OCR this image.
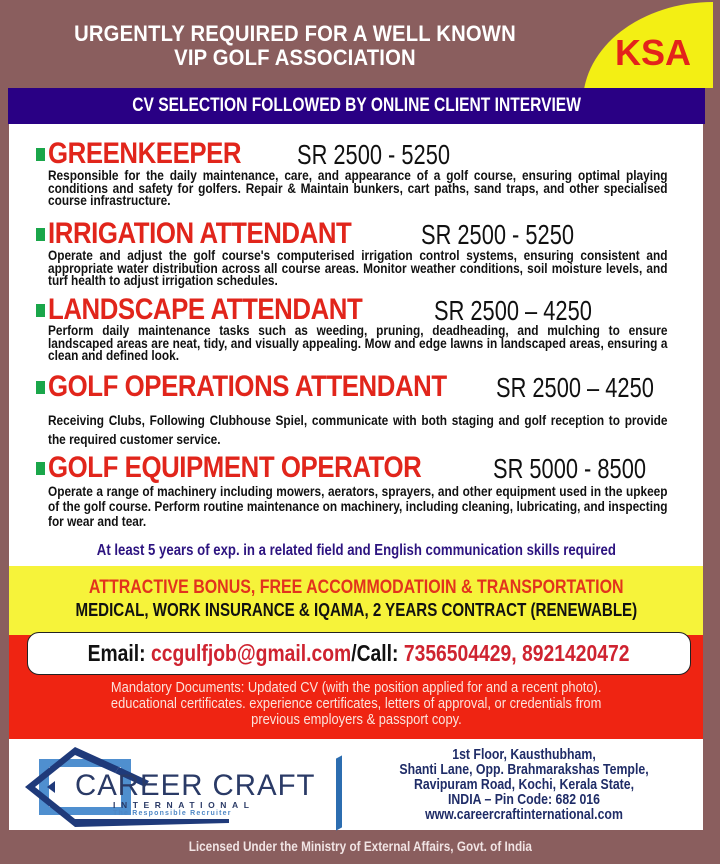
KSA
URGENTLY REQUIRED FOR A WELL KNOWN
VIP GOLF ASSOCIATION
CV SELECTION FOLLOWED BY ONLINE CLIENT INTERVIEW
GREENKEEPER SR 2500 - 5250
Responsible for the daily maintenance, care, and appearance of a golf course, ensuring optimal playing conditions and safety for golfers. Repair & Maintain bunkers, cart paths, sand traps, and other specialised course infrastructure.
IRRIGATION ATTENDANT SR 2500 - 5250
Operate and adjust the golf course's computerised irrigation control systems, ensuring consistent and appropriate water distribution across all course areas. Monitor weather conditions, soil moisture levels, and turf health to adjust irrigation schedules.
LANDSCAPE ATTENDANT	SR 2500 – 4250
Perform daily maintenance tasks such as weeding, pruning, deadheading, and mulching to ensure landscaped areas are neat, tidy, and visually appealing. Mow and edge lawns in landscaped areas, ensuring a clean and defined look.
GOLF OPERATIONS ATTENDANT SR 2500 – 4250
Receiving Clubs, Following Clubhouse Spiel, communicate with both staging and golf reception to provide the required customer service.
GOLF EQUIPMENT OPERATOR	SR 5000 - 8500
Operate a range of machinery including mowers, aerators, sprayers, and other equipment used in the upkeep of the golf course. Perform routine maintenance on machinery, including cleaning, lubricating, and inspecting for wear and tear.
At least 5 years of exp. in a related field and English communication skills required
ATTRACTIVE BONUS, FREE ACCOMMODATIOIN & TRANSPORTATION
MEDICAL, WORK INSURANCE & IQAMA, 2 YEARS CONTRACT (RENEWABLE)
Mandatory Documents: Updated CV (with the position applied for and a recent photo).
educational certificates. experience certificates, letters of approval, or credentials from
previous employers & passport copy.
Email: ccgulfjob@gmail.com/Call: 7356504429, 8921420472
CAREER CRAFT
INTERNATIONAL
The Responsible Recruiter
1st Floor, Kausthubham,
Shanti Lane, Opp. Brahmarakshas Temple,
Ravipuram Road, Kochi, Kerala State,
INDIA – Pin Code: 682 016
www.careercraftinternational.com
Licensed Under the Ministry of External Affairs, Govt. of India
